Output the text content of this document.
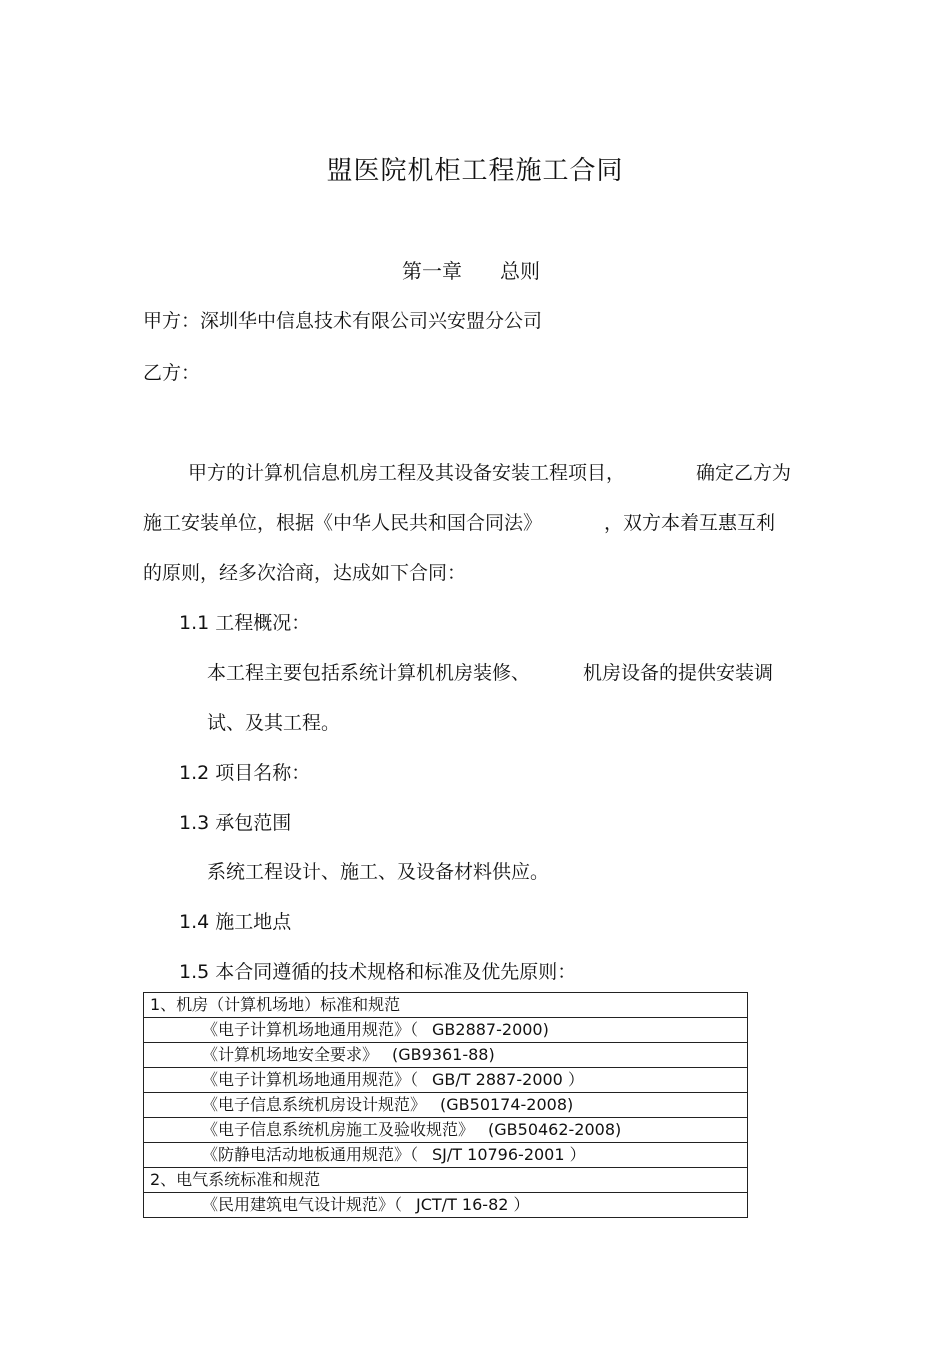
盟医院机柜工程施工合同
第一章 总则
甲方：深圳华中信息技术有限公司兴安盟分公司
乙方：
甲方的计算机信息机房工程及其设备安装工程项目，	确定乙方为
施工安装单位，根据《中华人民共和国合同法》	，双方本着互惠互利
的原则，经多次洽商，达成如下合同：
1.1 工程概况：
本工程主要包括系统计算机机房装修、	机房设备的提供安装调
试、及其工程。
1.2 项目名称：
1.3 承包范围
系统工程设计、施工、及设备材料供应。
1.4 施工地点
1.5 本合同遵循的技术规格和标准及优先原则：
1、机房（计算机场地）标准和规范
《电子计算机场地通用规范》（ GB2887-2000)
《计算机场地安全要求》 (GB9361-88)
《电子计算机场地通用规范》（ GB/T 2887-2000 ）
《电子信息系统机房设计规范》 (GB50174-2008)
《电子信息系统机房施工及验收规范》 (GB50462-2008)
《防静电活动地板通用规范》（ SJ/T 10796-2001 ）
2、电气系统标准和规范
《民用建筑电气设计规范》（ JCT/T 16-82 ）
